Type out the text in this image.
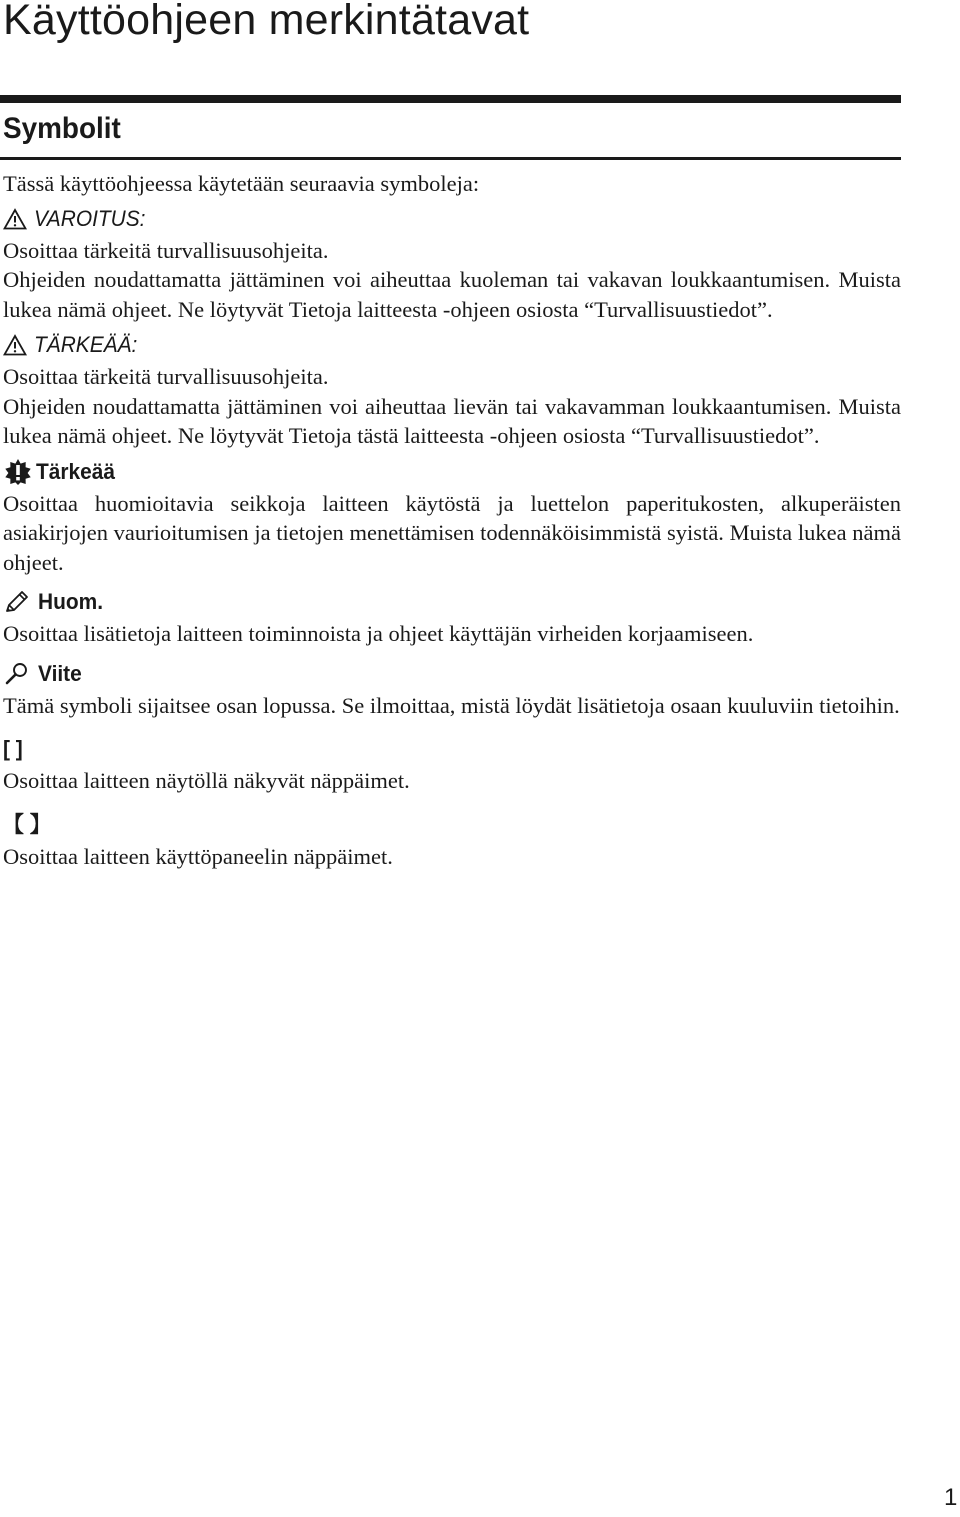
Käyttöohjeen merkintätavat
Symbolit

Tässä käyttöohjeessa käytetään seuraavia symboleja:

VAROITUS:

Osoittaa tärkeitä turvallisuusohjeita.

Ohjeiden noudattamatta jättäminen voi aiheuttaa kuoleman tai vakavan loukkaantumisen. Muista lukea nämä ohjeet. Ne löytyvät Tietoja laitteesta -ohjeen osiosta “Turvallisuustiedot”.

TÄRKEÄÄ:

Osoittaa tärkeitä turvallisuusohjeita.

Ohjeiden noudattamatta jättäminen voi aiheuttaa lievän tai vakavamman loukkaantumisen. Muista lukea nämä ohjeet. Ne löytyvät Tietoja tästä laitteesta -ohjeen osiosta “Turvallisuustiedot”.

Tärkeää

Osoittaa huomioitavia seikkoja laitteen käytöstä ja luettelon paperitukosten, alkuperäisten asiakirjojen vaurioitumisen ja tietojen menettämisen todennäköisimmistä syistä. Muista lukea nämä ohjeet.

Huom.

Osoittaa lisätietoja laitteen toiminnoista ja ohjeet käyttäjän virheiden korjaamiseen.

Viite

Tämä symboli sijaitsee osan lopussa. Se ilmoittaa, mistä löydät lisätietoja osaan kuuluviin tietoihin.

[ ]

Osoittaa laitteen näytöllä näkyvät näppäimet.

【 】

Osoittaa laitteen käyttöpaneelin näppäimet.

1
